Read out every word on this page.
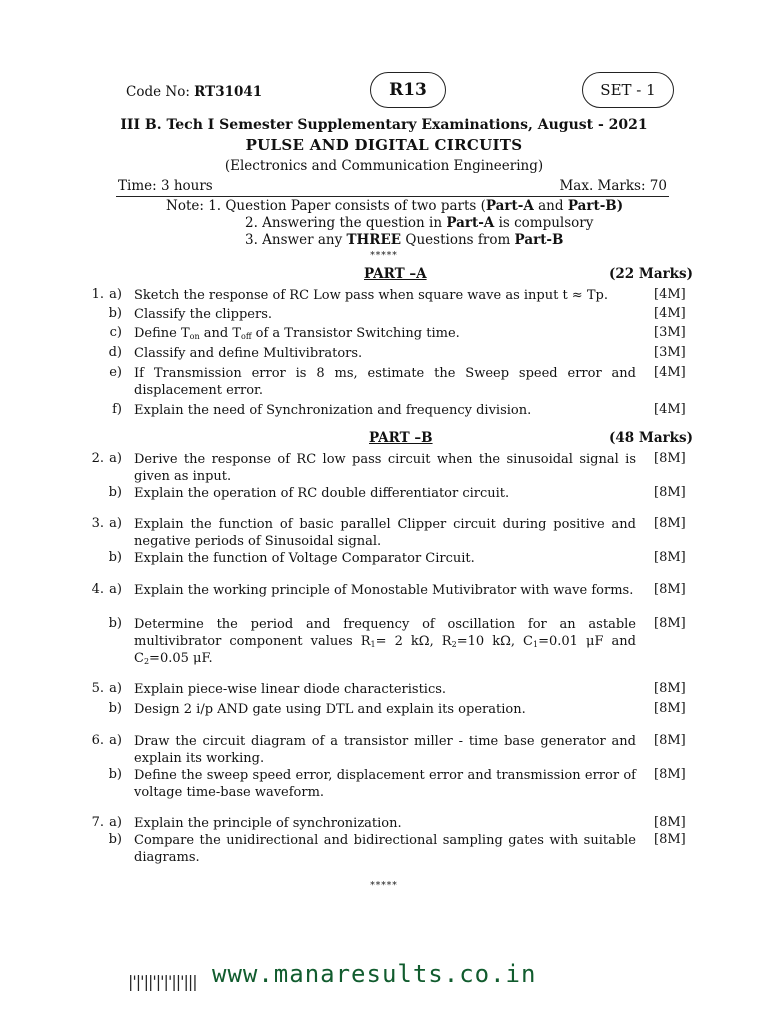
Code No: RT31041	R13	SET - 1
III B. Tech I Semester Supplementary Examinations, August - 2021
PULSE AND DIGITAL CIRCUITS
(Electronics and Communication Engineering)
Time: 3 hours	Max. Marks: 70
Note: 1. Question Paper consists of two parts (Part-A and Part-B)
2. Answering the question in Part-A is compulsory
3. Answer any THREE Questions from Part-B
*****
PART –A	(22 Marks)
1. a) Sketch the response of RC Low pass when square wave as input t ≈ Tp.	[4M]
b) Classify the clippers.	[4M]
c) Define $T_{on}$ and $T_{off}$ of a Transistor Switching time.	[3M]
d) Classify and define Multivibrators.	[3M]
e) If Transmission error is 8 ms, estimate the Sweep speed error and displacement error.
[4M]
f) Explain the need of Synchronization and frequency division.	[4M]
PART –B	(48 Marks)
2. a) Derive the response of RC low pass circuit when the sinusoidal signal is given as input.
[8M]
b) Explain the operation of RC double differentiator circuit.	[8M]
3. a) Explain the function of basic parallel Clipper circuit during positive and negative periods of Sinusoidal signal.
[8M]
b) Explain the function of Voltage Comparator Circuit.	[8M]
4. a) Explain the working principle of Monostable Mutivibrator with wave forms. [8M]
b) Determine the period and frequency of oscillation for an astable multivibrator component values $R_1= 2$ kΩ, $R_2=10$ kΩ, $C_1=0.01$ μF and $C_2=0.05$ μF.
[8M]
5. a) Explain piece-wise linear diode characteristics.	[8M]
b) Design 2 i/p AND gate using DTL and explain its operation.	[8M]
6. a) Draw the circuit diagram of a transistor miller - time base generator and explain its working.
[8M]
b) Define the sweep speed error, displacement error and transmission error of voltage time-base waveform.
[8M]
7. a) Explain the principle of synchronization.	[8M]
b) Compare the unidirectional and bidirectional sampling gates with suitable diagrams.
[8M]
*****
|'|'||'|'|'||'||| www.manaresults.co.in
